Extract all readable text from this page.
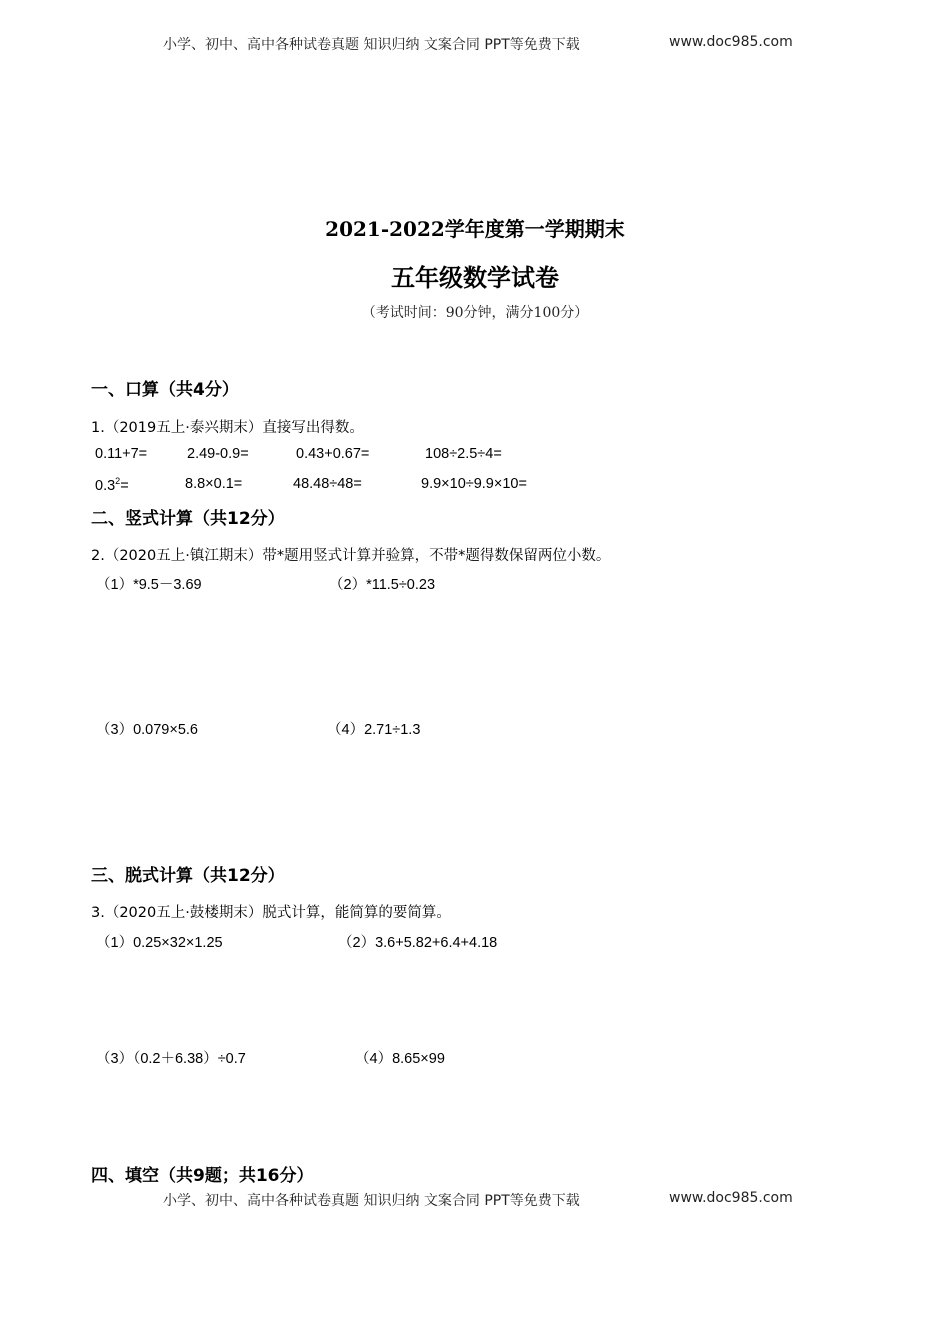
小学、初中、高中各种试卷真题 知识归纳 文案合同 PPT等免费下载	www.doc985.com
2021-2022学年度第一学期期末
五年级数学试卷
（考试时间：90分钟，满分100分）
一、口算（共4分）
1.（2019五上·泰兴期末）直接写出得数。
0.11+7=	2.49-0.9=	0.43+0.67=	108÷2.5÷4=
$0.3^2=$	8.8×0.1=	48.48÷48=	9.9×10÷9.9×10=
二、竖式计算（共12分）
2.（2020五上·镇江期末）带*题用竖式计算并验算，不带*题得数保留两位小数。
（1）*9.5－3.69	（2）*11.5÷0.23
（3）0.079×5.6	（4）2.71÷1.3
三、脱式计算（共12分）
3.（2020五上·鼓楼期末）脱式计算，能简算的要简算。
（1）0.25×32×1.25	（2）3.6+5.82+6.4+4.18
（3）（0.2＋6.38）÷0.7	（4）8.65×99
四、填空（共9题；共16分）
小学、初中、高中各种试卷真题 知识归纳 文案合同 PPT等免费下载	www.doc985.com
